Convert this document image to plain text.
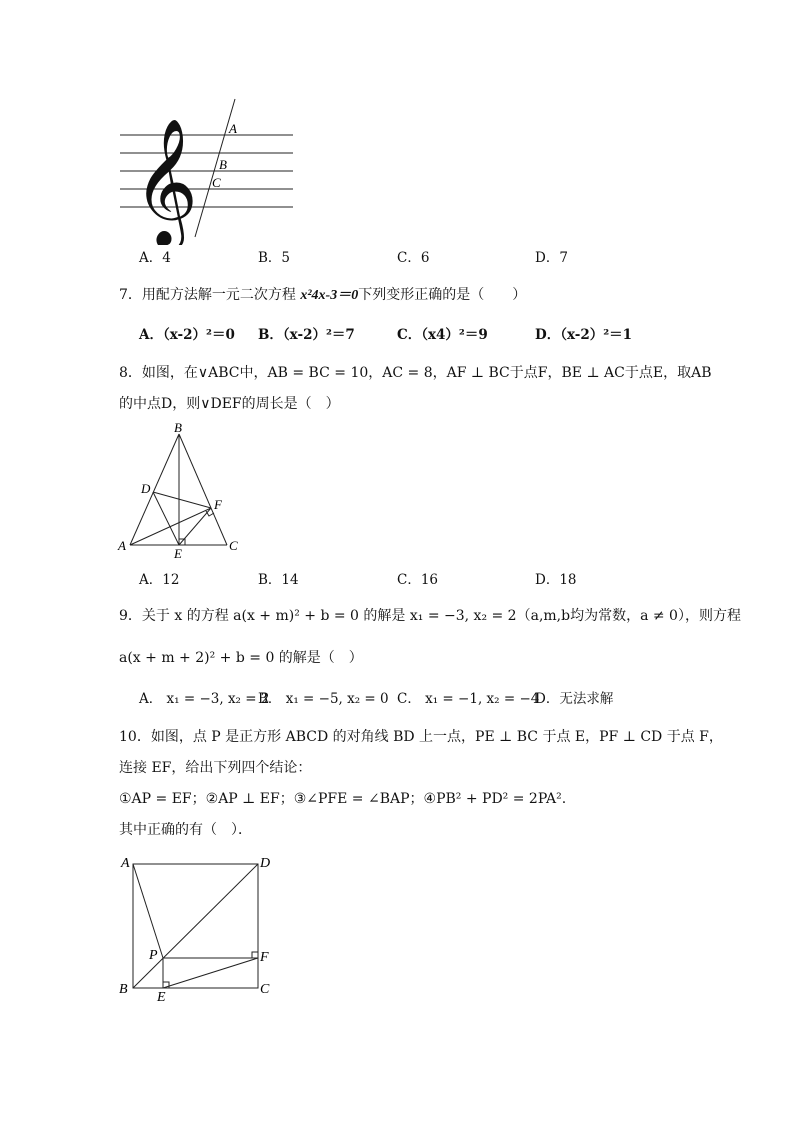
𝄞 A
B
C
A．4	B．5	C．6	D．7
7．用配方法解一元二次方程 x²4x-3＝0下列变形正确的是（　　）
A．（x-2）²＝0 B．（x-2）²＝7	C．（x4）²＝9	D．（x-2）²＝1
8．如图，在∨ABC中，AB = BC = 10，AC = 8，AF ⊥ BC于点F，BE ⊥ AC于点E，取AB
的中点D，则∨DEF的周长是（　）
B
D
F
A
E
C
A．12	B．14	C．16	D．18
9．关于 x 的方程 a(x + m)² + b = 0 的解是 x₁ = −3, x₂ = 2（a,m,b均为常数，a ≠ 0），则方程
a(x + m + 2)² + b = 0 的解是（　）
A． x₁ = −3, x₂ = 2
B． x₁ = −5, x₂ = 0 C． x₁ = −1, x₂ = −4
D．无法求解
10．如图，点 P 是正方形 ABCD 的对角线 BD 上一点，PE ⊥ BC 于点 E，PF ⊥ CD 于点 F，
连接 EF，给出下列四个结论：
①AP = EF；②AP ⊥ EF；③∠PFE = ∠BAP；④PB² + PD² = 2PA².
其中正确的有（　）．
A	D
P	F
B
E
C
